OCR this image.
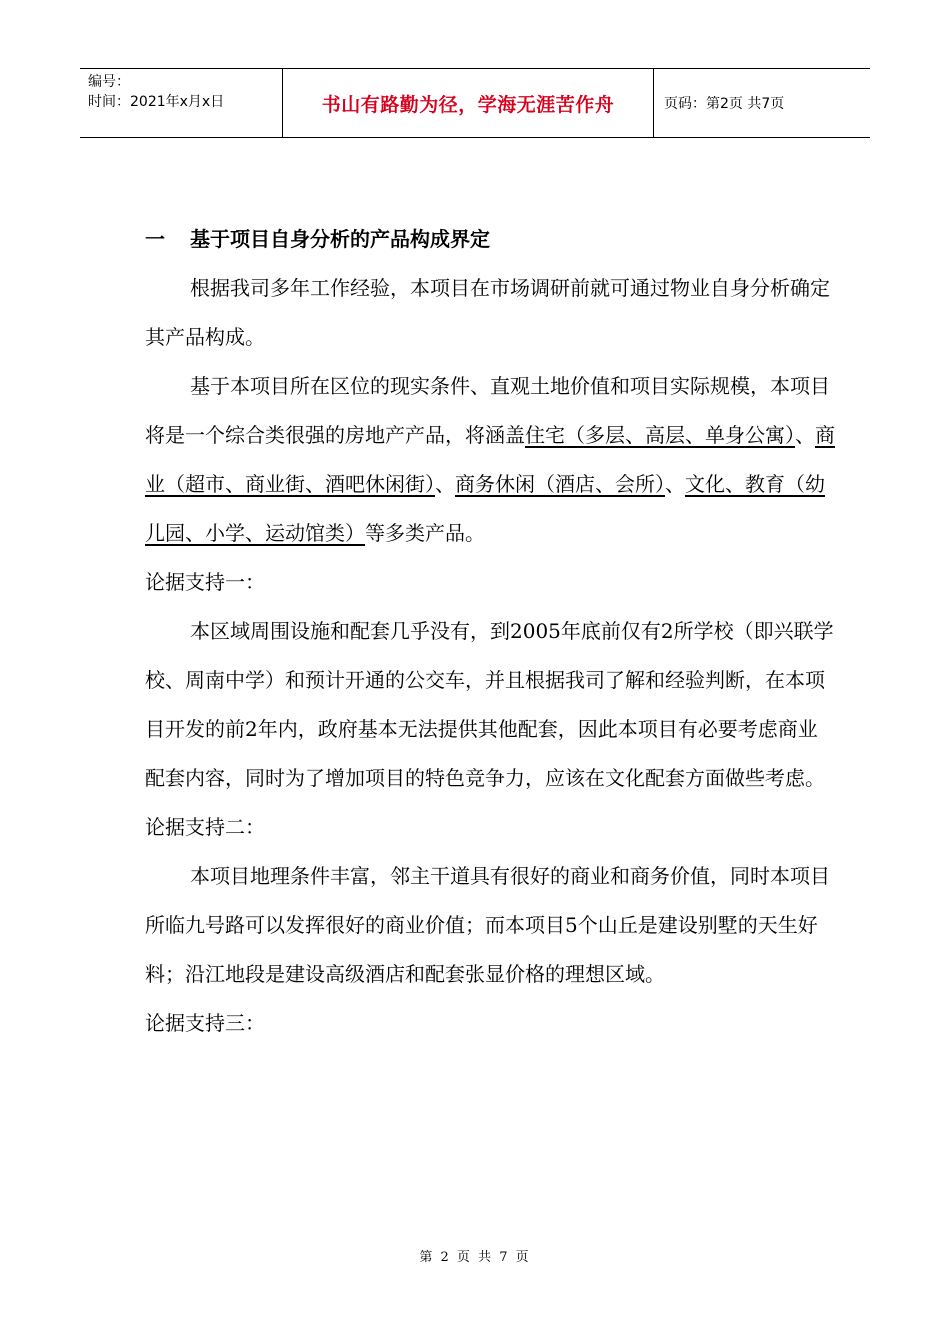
编号：
时间：2021年x月x日	书山有路勤为径，学海无涯苦作舟	页码：第2页 共7页

一 基于项目自身分析的产品构成界定

根据我司多年工作经验，本项目在市场调研前就可通过物业自身分析确定其产品构成。

基于本项目所在区位的现实条件、直观土地价值和项目实际规模，本项目将是一个综合类很强的房地产产品，将涵盖住宅（多层、高层、单身公寓）、商业（超市、商业街、酒吧休闲街）、商务休闲（酒店、会所）、文化、教育（幼儿园、小学、运动馆类）等多类产品。

论据支持一：

本区域周围设施和配套几乎没有，到2005年底前仅有2所学校（即兴联学校、周南中学）和预计开通的公交车，并且根据我司了解和经验判断，在本项目开发的前2年内，政府基本无法提供其他配套，因此本项目有必要考虑商业配套内容，同时为了增加项目的特色竞争力，应该在文化配套方面做些考虑。

论据支持二：

本项目地理条件丰富，邻主干道具有很好的商业和商务价值，同时本项目所临九号路可以发挥很好的商业价值；而本项目5个山丘是建设别墅的天生好料；沿江地段是建设高级酒店和配套张显价格的理想区域。

论据支持三：

第 2 页 共 7 页
